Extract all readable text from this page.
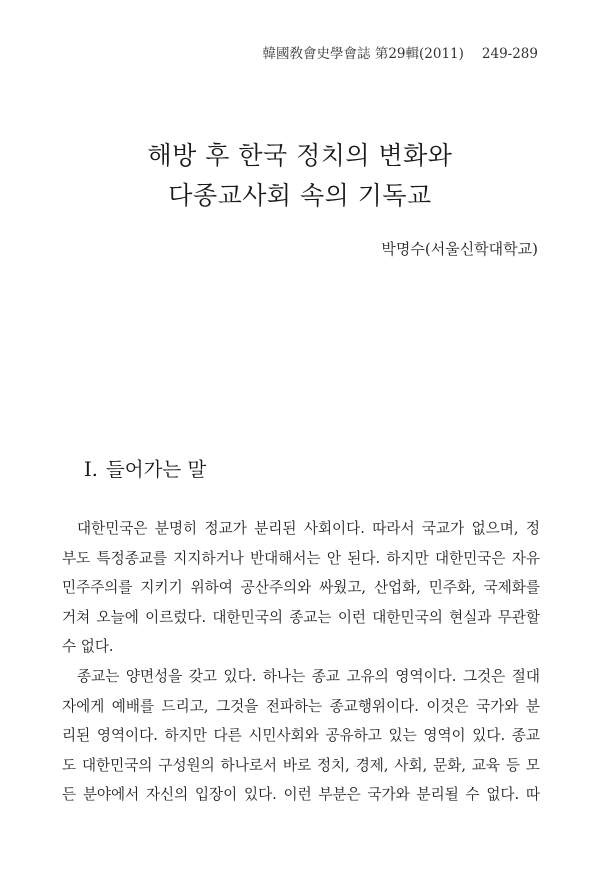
韓國敎會史學會誌 第29輯(2011) 249-289
해방 후 한국 정치의 변화와
다종교사회 속의 기독교
박명수(서울신학대학교)
Ⅰ. 들어가는 말
대한민국은 분명히 정교가 분리된 사회이다. 따라서 국교가 없으며, 정
부도 특정종교를 지지하거나 반대해서는 안 된다. 하지만 대한민국은 자유
민주주의를 지키기 위하여 공산주의와 싸웠고, 산업화, 민주화, 국제화를
거쳐 오늘에 이르렀다. 대한민국의 종교는 이런 대한민국의 현실과 무관할
수 없다.
종교는 양면성을 갖고 있다. 하나는 종교 고유의 영역이다. 그것은 절대
자에게 예배를 드리고, 그것을 전파하는 종교행위이다. 이것은 국가와 분
리된 영역이다. 하지만 다른 시민사회와 공유하고 있는 영역이 있다. 종교
도 대한민국의 구성원의 하나로서 바로 정치, 경제, 사회, 문화, 교육 등 모
든 분야에서 자신의 입장이 있다. 이런 부분은 국가와 분리될 수 없다. 따
